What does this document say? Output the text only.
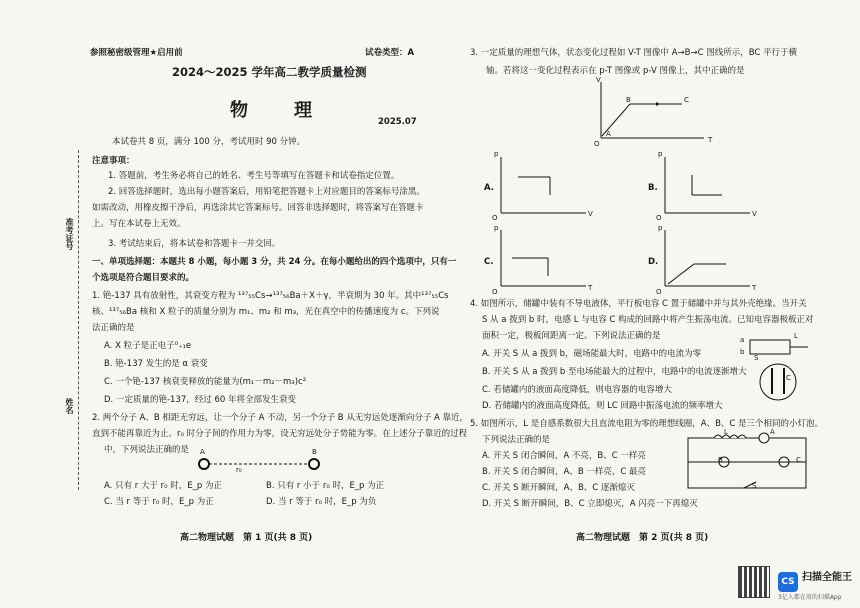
准考证号
姓名
参照秘密级管理★启用前	试卷类型：A
2024～2025 学年高二教学质量检测
物　理
2025.07
本试卷共 8 页，满分 100 分，考试用时 90 分钟。
注意事项：
1. 答题前，考生务必将自己的姓名、考生号等填写在答题卡和试卷指定位置。
2. 回答选择题时，选出每小题答案后，用铅笔把答题卡上对应题目的答案标号涂黑。
如需改动，用橡皮擦干净后，再选涂其它答案标号。回答非选择题时，将答案写在答题卡
上。写在本试卷上无效。
3. 考试结束后，将本试卷和答题卡一并交回。
一、单项选择题：本题共 8 小题，每小题 3 分，共 24 分。在每小题给出的四个选项中，只有一
个选项是符合题目要求的。
1. 铯-137 具有放射性，其衰变方程为 ¹³⁷₅₅Cs→¹³⁷₅₆Ba＋X＋γ，半衰期为 30 年。其中¹³⁷₅₅Cs
核、¹³⁷₅₆Ba 核和 X 粒子的质量分别为 m₁、m₂ 和 m₃，光在真空中的传播速度为 c。下列说
法正确的是
A. X 粒子是正电子⁰₊₁e
B. 铯-137 发生的是 α 衰变
C. 一个铯-137 核衰变释放的能量为(m₁－m₂－m₃)c²
D. 一定质量的铯-137，经过 60 年将全部发生衰变
2. 两个分子 A、B 相距无穷远，让一个分子 A 不动，另一个分子 B 从无穷远处逐渐向分子 A 靠近，
直到不能再靠近为止。r₀ 时分子间的作用力为零，设无穷远处分子势能为零。在上述分子靠近的过程
中，下列说法正确的是 A	B
r₀
A. 只有 r 大于 r₀ 时，E_p 为正	B. 只有 r 小于 r₀ 时，E_p 为正
C. 当 r 等于 r₀ 时，E_p 为正	D. 当 r 等于 r₀ 时，E_p 为负
高二物理试题　第 1 页(共 8 页)
3. 一定质量的理想气体，状态变化过程如 V-T 图像中 A→B→C 图线所示，BC 平行于横
轴。若将这一变化过程表示在 p-T 图像或 p-V 图像上，其中正确的是
V
T
O
A
B	C
A.
p
V
O
B.
p
V
O
C.
p
T
O
D.
p
T
O
4. 如图所示，储罐中装有不导电液体，平行板电容 C 置于储罐中并与其外壳绝缘。当开关
S 从 a 拨到 b 时，电感 L 与电容 C 构成的回路中将产生振荡电流。已知电容器极板正对
面积一定，极板间距离一定。下列说法正确的是
A. 开关 S 从 a 拨到 b，磁场能最大时，电路中的电流为零
B. 开关 S 从 a 拨到 b 至电场能最大的过程中，电路中的电流逐渐增大
C. 若储罐内的液面高度降低，则电容器的电容增大
D. 若储罐内的液面高度降低，则 LC 回路中振荡电流的频率增大
a
b
S
L
C
5. 如图所示，L 是自感系数很大且直流电阻为零的理想线圈，A、B、C 是三个相同的小灯泡。
下列说法正确的是
A. 开关 S 闭合瞬间，A 不亮，B、C 一样亮
B. 开关 S 闭合瞬间，A、B 一样亮，C 最亮
C. 开关 S 断开瞬间，A、B、C 逐渐熄灭
D. 开关 S 断开瞬间，B、C 立即熄灭，A 闪亮一下再熄灭
L	A
B	C
S
高二物理试题　第 2 页(共 8 页)
CS 扫描全能王
3亿人都在用的扫描App
